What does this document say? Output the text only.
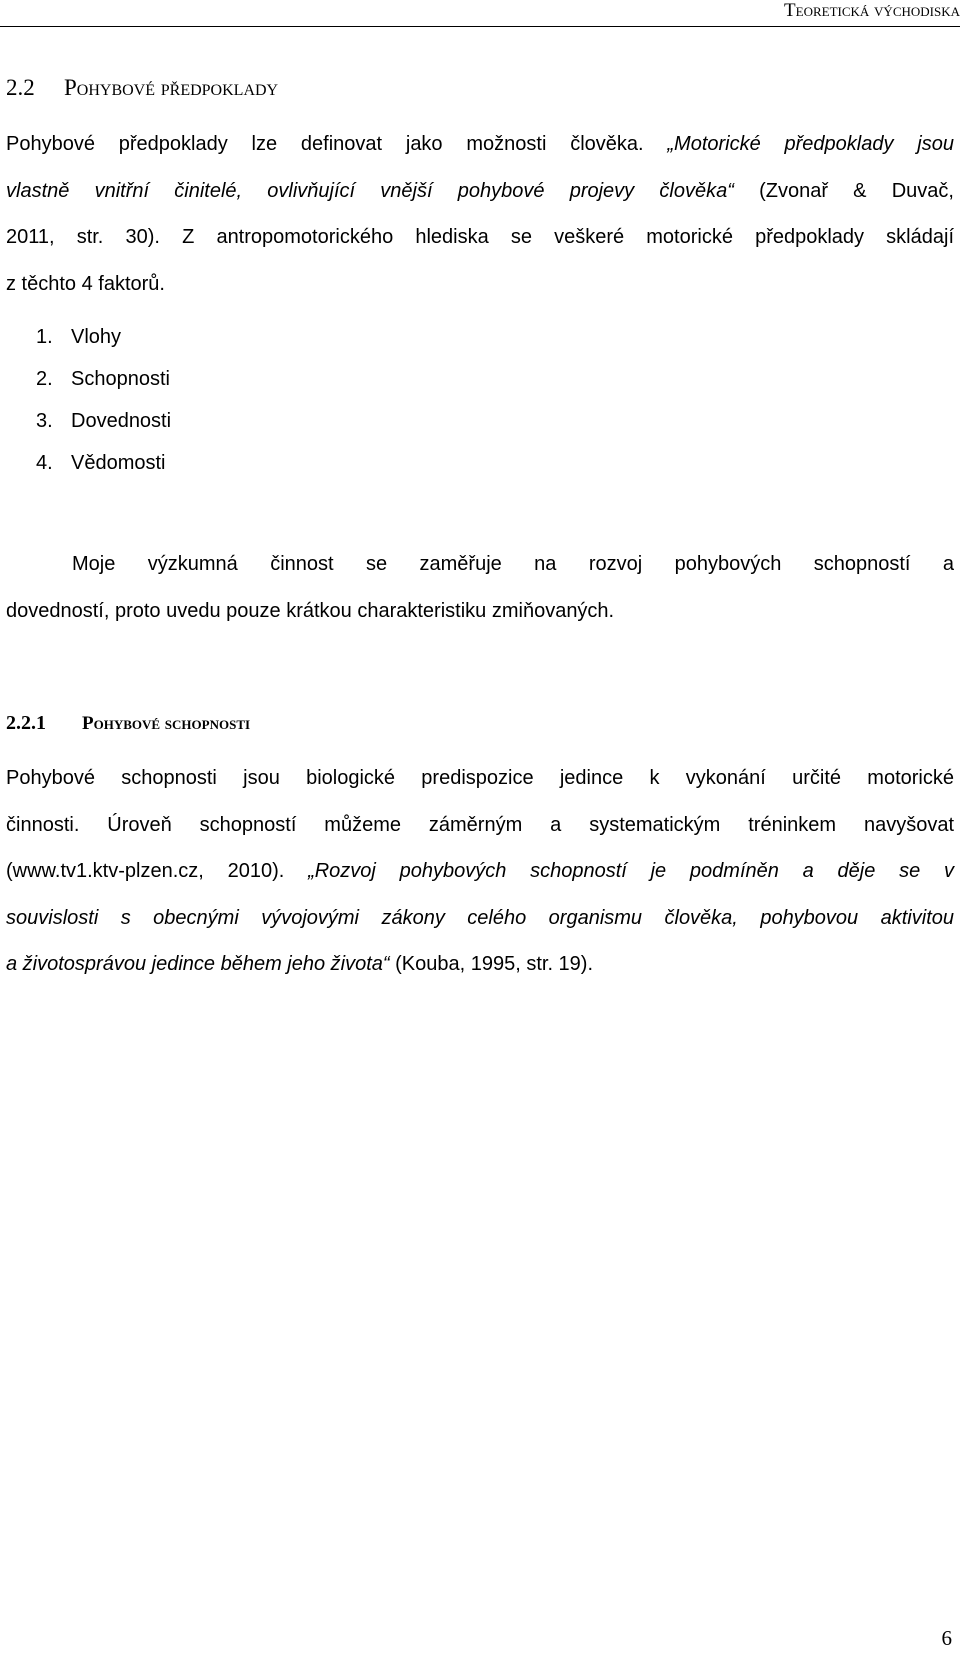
Teoretická východiska
2.2 Pohybové předpoklady
Pohybové předpoklady lze definovat jako možnosti člověka. „Motorické předpoklady jsou
vlastně vnitřní činitelé, ovlivňující vnější pohybové projevy člověka“ (Zvonař & Duvač,
2011, str. 30). Z antropomotorického hlediska se veškeré motorické předpoklady skládají
z těchto 4 faktorů.
1. Vlohy
2. Schopnosti
3. Dovednosti
4. Vědomosti
Moje výzkumná činnost se zaměřuje na rozvoj pohybových schopností a
dovedností, proto uvedu pouze krátkou charakteristiku zmiňovaných.
2.2.1 Pohybové schopnosti
Pohybové schopnosti jsou biologické predispozice jedince k vykonání určité motorické
činnosti. Úroveň schopností můžeme záměrným a systematickým tréninkem navyšovat
(www.tv1.ktv-plzen.cz, 2010). „Rozvoj pohybových schopností je podmíněn a děje se v
souvislosti s obecnými vývojovými zákony celého organismu člověka, pohybovou aktivitou
a životosprávou jedince během jeho života“ (Kouba, 1995, str. 19).
6
